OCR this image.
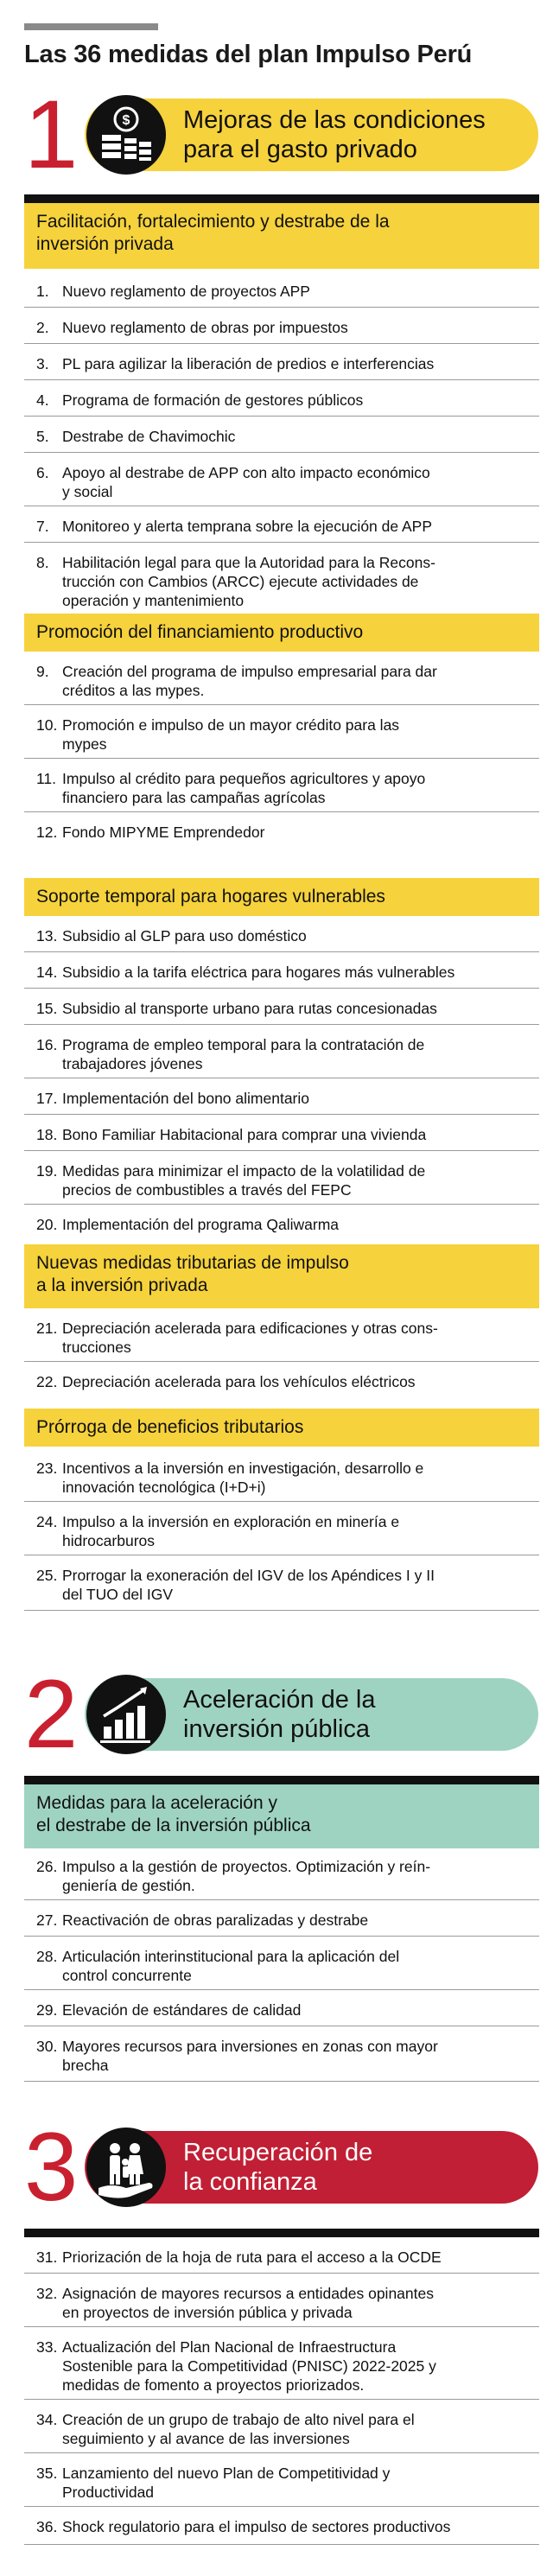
Las 36 medidas del plan Impulso Perú
1	$ Mejoras de las condiciones
para el gasto privado
Facilitación, fortalecimiento y destrabe de la
inversión privada
1. Nuevo reglamento de proyectos APP
2. Nuevo reglamento de obras por impuestos
3. PL para agilizar la liberación de predios e interferencias
4. Programa de formación de gestores públicos
5. Destrabe de Chavimochic
6. Apoyo al destrabe de APP con alto impacto económico
y social
7. Monitoreo y alerta temprana sobre la ejecución de APP
8. Habilitación legal para que la Autoridad para la Recons-
trucción con Cambios (ARCC) ejecute actividades de
operación y mantenimiento
Promoción del financiamiento productivo
9. Creación del programa de impulso empresarial para dar
créditos a las mypes.
10. Promoción e impulso de un mayor crédito para las
mypes
11. Impulso al crédito para pequeños agricultores y apoyo
financiero para las campañas agrícolas
12. Fondo MIPYME Emprendedor
Soporte temporal para hogares vulnerables
13. Subsidio al GLP para uso doméstico
14. Subsidio a la tarifa eléctrica para hogares más vulnerables
15. Subsidio al transporte urbano para rutas concesionadas
16. Programa de empleo temporal para la contratación de
trabajadores jóvenes
17. Implementación del bono alimentario
18. Bono Familiar Habitacional para comprar una vivienda
19. Medidas para minimizar el impacto de la volatilidad de
precios de combustibles a través del FEPC
20. Implementación del programa Qaliwarma
Nuevas medidas tributarias de impulso
a la inversión privada
21. Depreciación acelerada para edificaciones y otras cons-
trucciones
22. Depreciación acelerada para los vehículos eléctricos
Prórroga de beneficios tributarios
23. Incentivos a la inversión en investigación, desarrollo e
innovación tecnológica (I+D+i)
24. Impulso a la inversión en exploración en minería e
hidrocarburos
25. Prorrogar la exoneración del IGV de los Apéndices I y II
del TUO del IGV
2	Aceleración de la
inversión pública
Medidas para la aceleración y
el destrabe de la inversión pública
26. Impulso a la gestión de proyectos. Optimización y reín-
geniería de gestión.
27. Reactivación de obras paralizadas y destrabe
28. Articulación interinstitucional para la aplicación del
control concurrente
29. Elevación de estándares de calidad
30. Mayores recursos para inversiones en zonas con mayor
brecha
3	Recuperación de
la confianza
31. Priorización de la hoja de ruta para el acceso a la OCDE
32. Asignación de mayores recursos a entidades opinantes
en proyectos de inversión pública y privada
33. Actualización del Plan Nacional de Infraestructura
Sostenible para la Competitividad (PNISC) 2022-2025 y
medidas de fomento a proyectos priorizados.
34. Creación de un grupo de trabajo de alto nivel para el
seguimiento y al avance de las inversiones
35. Lanzamiento del nuevo Plan de Competitividad y
Productividad
36. Shock regulatorio para el impulso de sectores productivos
